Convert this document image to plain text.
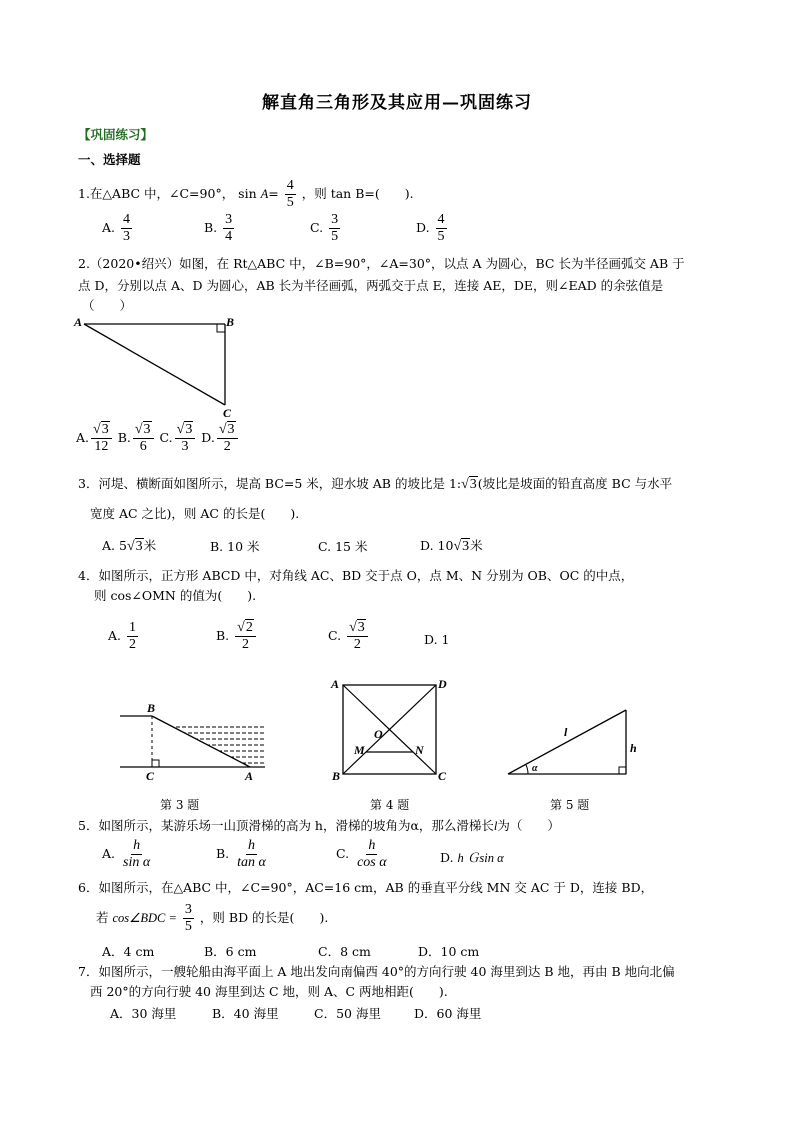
解直角三角形及其应用—巩固练习
【巩固练习】
一、选择题
1.在△ABC 中，∠C=90°， $\sin A= \frac{4}{5}$ ，则 tan B=(　　).
A. $\frac{4}{3}$	B. $\frac{3}{4}$	C. $\frac{3}{5}$	D. $\frac{4}{5}$
2.（2020•绍兴）如图，在 Rt△ABC 中，∠B=90°，∠A=30°，以点 A 为圆心，BC 长为半径画弧交 AB 于
点 D，分别以点 A、D 为圆心，AB 长为半径画弧，两弧交于点 E，连接 AE，DE，则∠EAD 的余弦值是
（　　）
A	B
C
A. $\frac{√3}{12} B$. $\frac{√3}{6} C$. $\frac{√3}{3} D$. $\frac{√3}{2}$
3．河堤、横断面如图所示，堤高 BC=5 米，迎水坡 AB 的坡比是 1:√3(坡比是坡面的铅直高度 BC 与水平
宽度 AC 之比)，则 AC 的长是(　　).
A. 5√3米	B. 10 米	C. 15 米	D. 10√3米
4．如图所示，正方形 ABCD 中，对角线 AC、BD 交于点 O，点 M、N 分别为 OB、OC 的中点，
则 cos∠OMN 的值为(　　).
A. $\frac{1}{2}$	B. $\frac{√2}{2}$	C. $\frac{√3}{2}$	D. 1
B
C	A
第 3 题
A	D
B	C
O
M	N
第 4 题
l
h
α
第 5 题
5．如图所示，某游乐场一山顶滑梯的高为 h，滑梯的坡角为α，那么滑梯长l为（　　）
A. $\frac{h}{\text{sin α}}$	B. $\frac{h}{\text{tan α}}$	C. $\frac{h}{\text{cos α}}$	D. h Ｇsin α
6．如图所示，在△ABC 中，∠C=90°，AC=16 cm，AB 的垂直平分线 MN 交 AC 于 D，连接 BD，
若 cos∠BDC = $\frac{3}{5}$ ，则 BD 的长是(　　).
A．4 cm	B．6 cm	C．8 cm	D．10 cm
7．如图所示，一艘轮船由海平面上 A 地出发向南偏西 40°的方向行驶 40 海里到达 B 地，再由 B 地向北偏
西 20°的方向行驶 40 海里到达 C 地，则 A、C 两地相距(　　).
A．30 海里	B．40 海里	C．50 海里	D．60 海里
